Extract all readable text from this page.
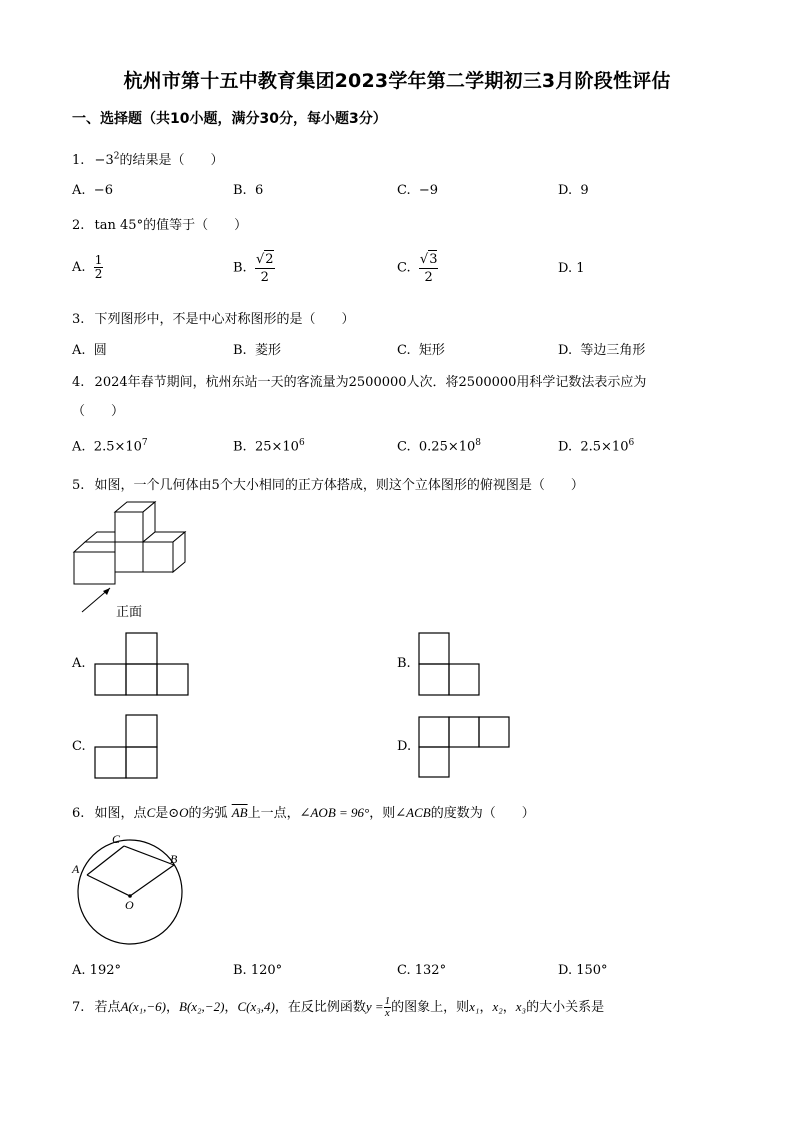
杭州市第十五中教育集团2023学年第二学期初三3月阶段性评估
一、选择题（共10小题，满分30分，每小题3分）
1. $-3^2$的结果是（　　）
A. −6	B. 6	C. −9	D. 9
2. tan 45°的值等于（　　）
A. $\frac{1}{2}$	B. $\frac{√2}{2}$	C. $\frac{√3}{2}$	D. 1
3. 下列图形中，不是中心对称图形的是（　　）
A. 圆	B. 菱形	C. 矩形	D. 等边三角形
4. 2024年春节期间，杭州东站一天的客流量为2500000人次．将2500000用科学记数法表示应为
（　　）
A. $2.5\times 10^7$	B. $25\times 10^6$	C. $0.25\times 10^8$	D. $2.5\times 10^6$
5. 如图，一个几何体由5个大小相同的正方体搭成，则这个立体图形的俯视图是（　　）
正面
A.	B.
C.	D.
6. 如图，点C是⊙O的劣弧 $\overline{AB}$上一点，∠AOB = 96°，则∠ACB的度数为（　　）
A
B
C
O
A. 192°	B. 120°	C. 132°	D. 150°
7. 若点A(x₁,−6)，B(x₂,−2)，C(x₃,4)，在反比例函数$y = \frac{1}{x}$ 的图象上，则x₁，x₂，x₃的大小关系是
